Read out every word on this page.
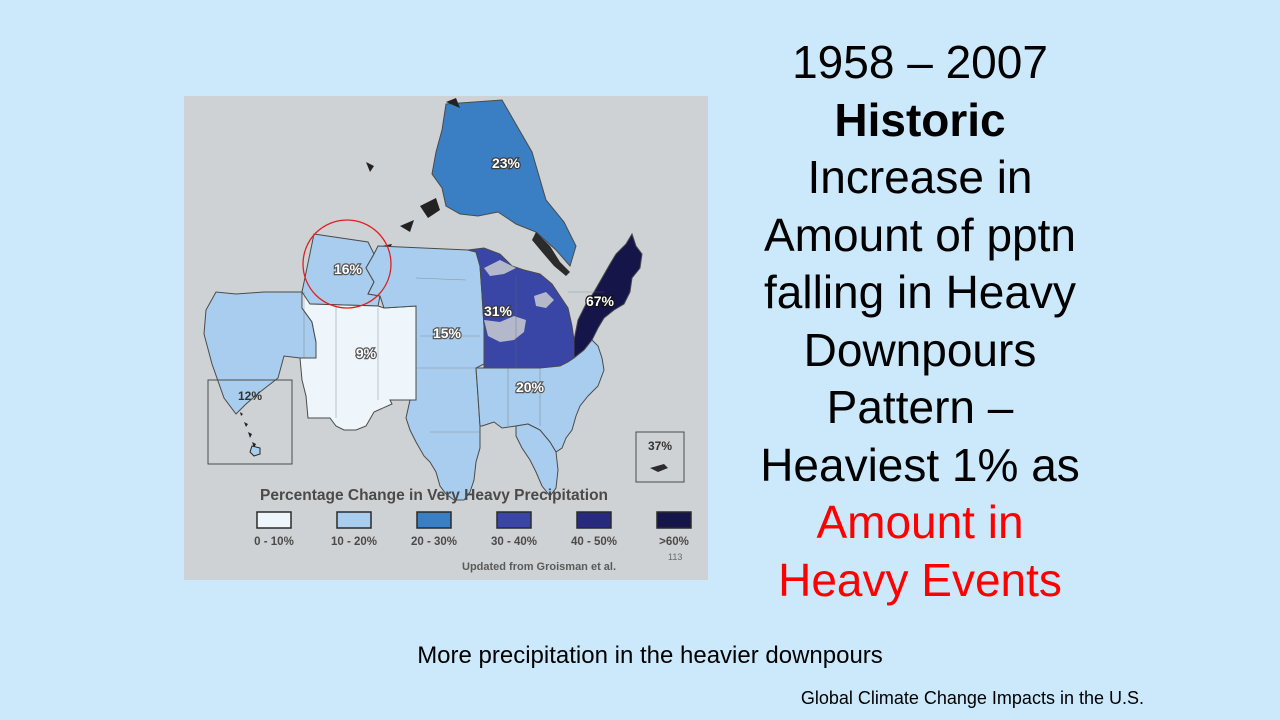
23%
16%
15%
9%
31%
67%
20%
12%
37%
Percentage Change in Very Heavy Precipitation
0 - 10%	10 - 20%	20 - 30%	30 - 40%	40 - 50%	>60%
Updated from Groisman et al.
113
1958 – 2007
Historic
Increase in
Amount of pptn
falling in Heavy
Downpours
Pattern –
Heaviest 1% as
Amount in
Heavy Events
More precipitation in the heavier downpours
Global Climate Change Impacts in the U.S.
